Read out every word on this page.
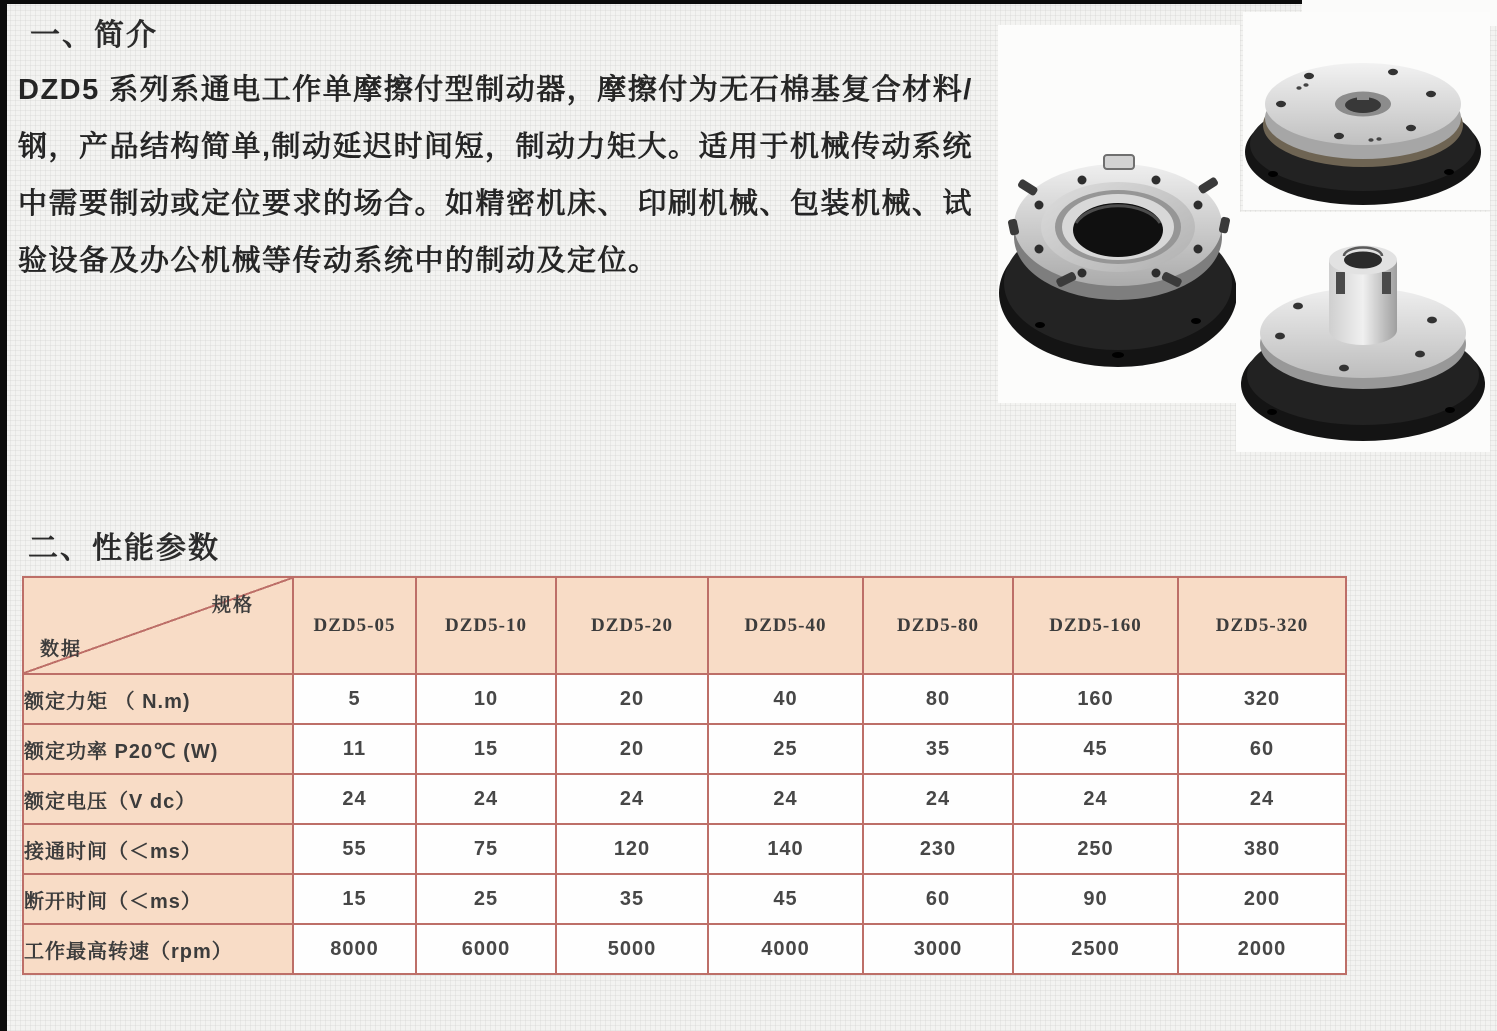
一、简介
DZD5 系列系通电工作单摩擦付型制动器，摩擦付为无石棉基复合材料/
钢，产品结构简单,制动延迟时间短，制动力矩大。适用于机械传动系统
中需要制动或定位要求的场合。如精密机床、 印刷机械、包装机械、试
验设备及办公机械等传动系统中的制动及定位。
二、性能参数
规格
数据	DZD5-05	DZD5-10	DZD5-20	DZD5-40	DZD5-80	DZD5-160	DZD5-320
额定力矩 （ N.m)	5	10	20	40	80	160	320
额定功率 P20℃ (W)	11	15	20	25	35	45	60
额定电压（V dc）	24	24	24	24	24	24	24
接通时间（＜ms）	55	75	120	140	230	250	380
断开时间（＜ms）	15	25	35	45	60	90	200
工作最高转速（rpm）	8000	6000	5000	4000	3000	2500	2000
